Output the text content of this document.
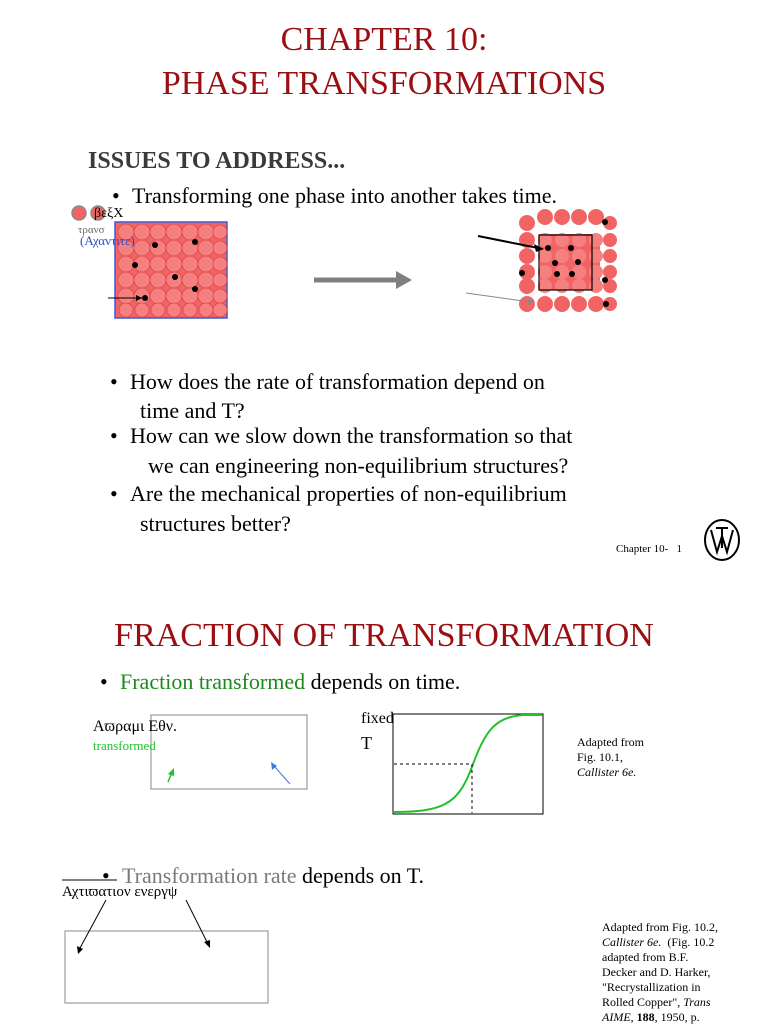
CHAPTER 10:
PHASE TRANSFORMATIONS
ISSUES TO ADDRESS...
• Transforming one phase into another takes time.
βεξΧ
τρανσ
(Αχαντιτε)
• How does the rate of transformation depend on
time and T?
• How can we slow down the transformation so that
we can engineering non-equilibrium structures?
• Are the mechanical properties of non-equilibrium
structures better?
Chapter 10-   1
FRACTION OF TRANSFORMATION
• Fraction transformed depends on time.
Αϖραμι Εθν.
transformed
fixed
T	Adapted from
Fig. 10.1,
Callister 6e.
• Transformation rate depends on T.
Αχτιϖατιον ενεργψ
Adapted from Fig. 10.2,
Callister 6e. (Fig. 10.2
adapted from B.F.
Decker and D. Harker,
"Recrystallization in
Rolled Copper", Trans
AIME, 188, 1950, p.
